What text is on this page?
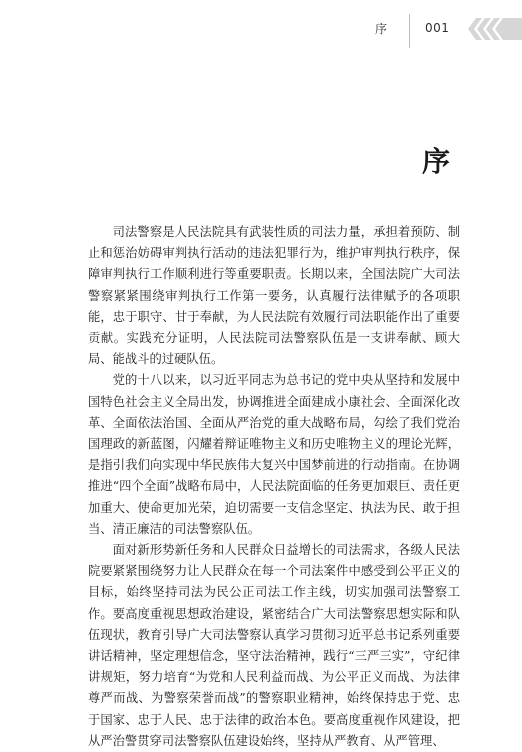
序	001
序

司法警察是人民法院具有武装性质的司法力量，承担着预防、制止和惩治妨碍审判执行活动的违法犯罪行为，维护审判执行秩序，保障审判执行工作顺利进行等重要职责。长期以来，全国法院广大司法警察紧紧围绕审判执行工作第一要务，认真履行法律赋予的各项职能，忠于职守、甘于奉献，为人民法院有效履行司法职能作出了重要贡献。实践充分证明，人民法院司法警察队伍是一支讲奉献、顾大局、能战斗的过硬队伍。

党的十八以来，以习近平同志为总书记的党中央从坚持和发展中国特色社会主义全局出发，协调推进全面建成小康社会、全面深化改革、全面依法治国、全面从严治党的重大战略布局，勾绘了我们党治国理政的新蓝图，闪耀着辩证唯物主义和历史唯物主义的理论光辉，是指引我们向实现中华民族伟大复兴中国梦前进的行动指南。在协调推进“四个全面”战略布局中，人民法院面临的任务更加艰巨、责任更加重大、使命更加光荣，迫切需要一支信念坚定、执法为民、敢于担当、清正廉洁的司法警察队伍。

面对新形势新任务和人民群众日益增长的司法需求，各级人民法院要紧紧围绕努力让人民群众在每一个司法案件中感受到公平正义的目标，始终坚持司法为民公正司法工作主线，切实加强司法警察工作。要高度重视思想政治建设，紧密结合广大司法警察思想实际和队伍现状，教育引导广大司法警察认真学习贯彻习近平总书记系列重要讲话精神，坚定理想信念，坚守法治精神，践行“三严三实”，守纪律讲规矩，努力培育“为党和人民利益而战、为公平正义而战、为法律尊严而战、为警察荣誉而战”的警察职业精神，始终保持忠于党、忠于国家、忠于人民、忠于法律的政治本色。要高度重视作风建设，把从严治警贯穿司法警察队伍建设始终，坚持从严教育、从严管理、
